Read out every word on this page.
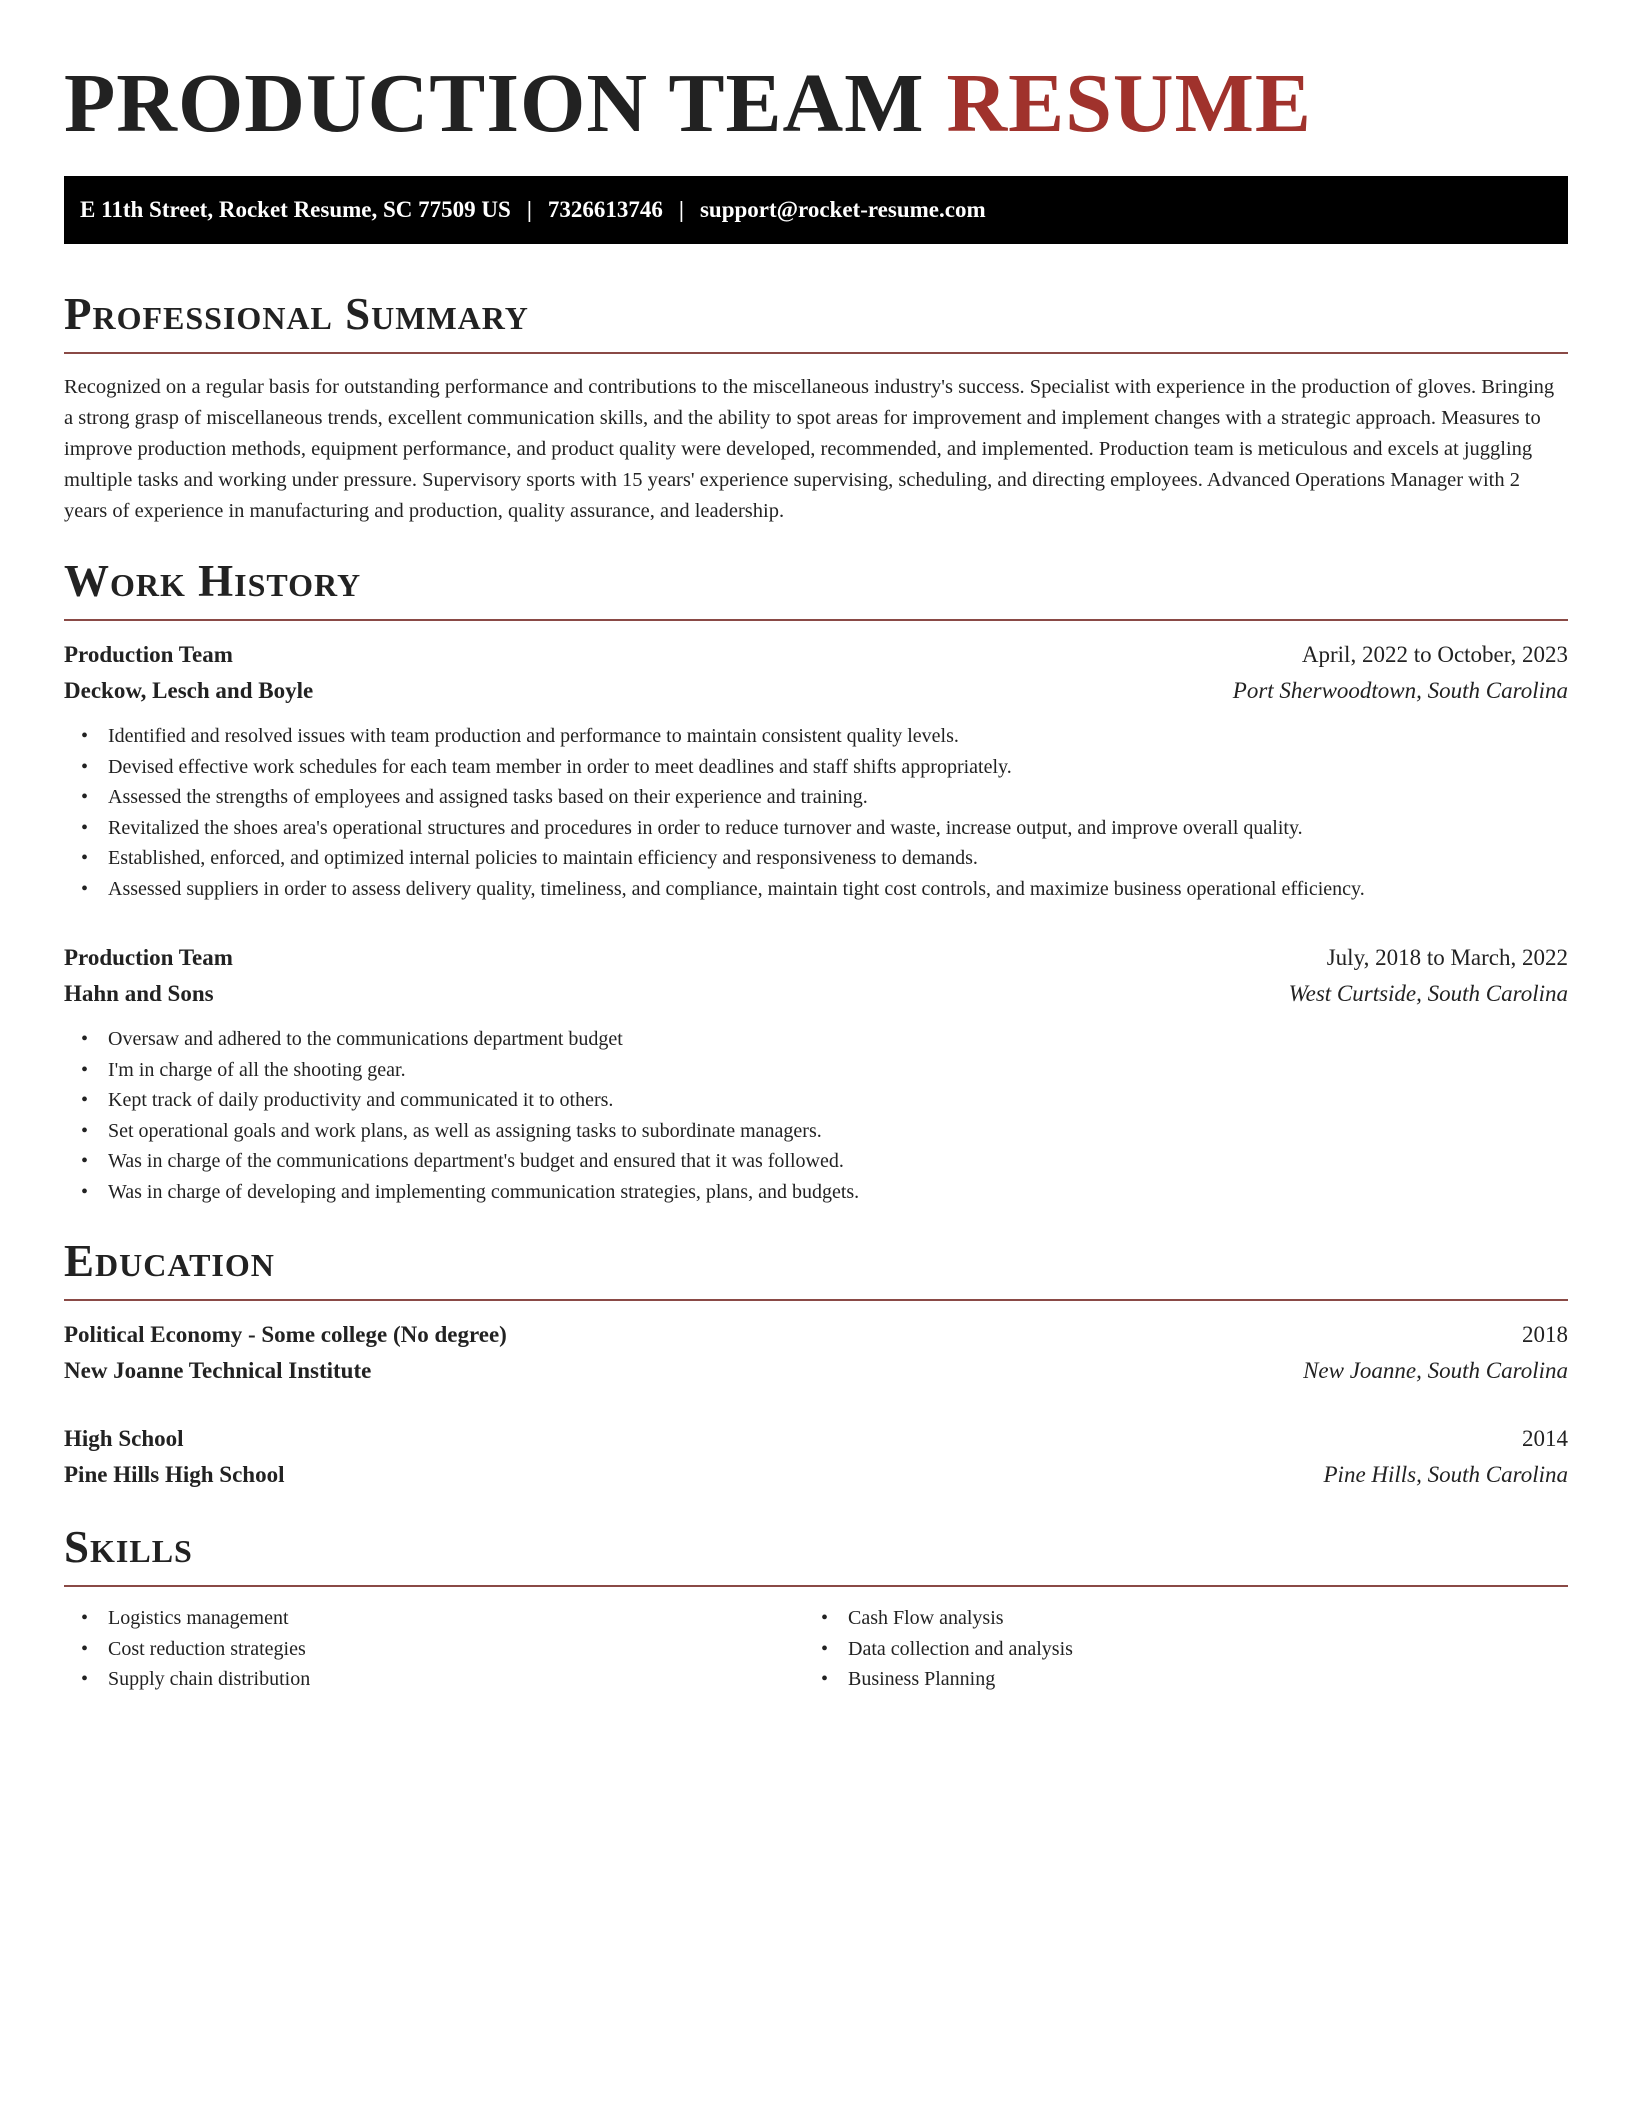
PRODUCTION TEAM RESUME
E 11th Street, Rocket Resume, SC 77509 US | 7326613746 | support@rocket-resume.com
Professional Summary

Recognized on a regular basis for outstanding performance and contributions to the miscellaneous industry's success. Specialist with experience in the production of gloves. Bringing a strong grasp of miscellaneous trends, excellent communication skills, and the ability to spot areas for improvement and implement changes with a strategic approach. Measures to improve production methods, equipment performance, and product quality were developed, recommended, and implemented. Production team is meticulous and excels at juggling multiple tasks and working under pressure. Supervisory sports with 15 years' experience supervising, scheduling, and directing employees. Advanced Operations Manager with 2 years of experience in manufacturing and production, quality assurance, and leadership.

Work History
Production Team	April, 2022 to October, 2023
Deckow, Lesch and Boyle	Port Sherwoodtown, South Carolina
• Identified and resolved issues with team production and performance to maintain consistent quality levels.
• Devised effective work schedules for each team member in order to meet deadlines and staff shifts appropriately.
• Assessed the strengths of employees and assigned tasks based on their experience and training.
• Revitalized the shoes area's operational structures and procedures in order to reduce turnover and waste, increase output, and improve overall quality.
• Established, enforced, and optimized internal policies to maintain efficiency and responsiveness to demands.
• Assessed suppliers in order to assess delivery quality, timeliness, and compliance, maintain tight cost controls, and maximize business operational efficiency.
Production Team	July, 2018 to March, 2022
Hahn and Sons	West Curtside, South Carolina
• Oversaw and adhered to the communications department budget
• I'm in charge of all the shooting gear.
• Kept track of daily productivity and communicated it to others.
• Set operational goals and work plans, as well as assigning tasks to subordinate managers.
• Was in charge of the communications department's budget and ensured that it was followed.
• Was in charge of developing and implementing communication strategies, plans, and budgets.
Education
Political Economy - Some college (No degree)	2018
New Joanne Technical Institute	New Joanne, South Carolina
High School	2014
Pine Hills High School	Pine Hills, South Carolina
Skills
• Logistics management
• Cost reduction strategies
• Supply chain distribution
• Cash Flow analysis
• Data collection and analysis
• Business Planning
